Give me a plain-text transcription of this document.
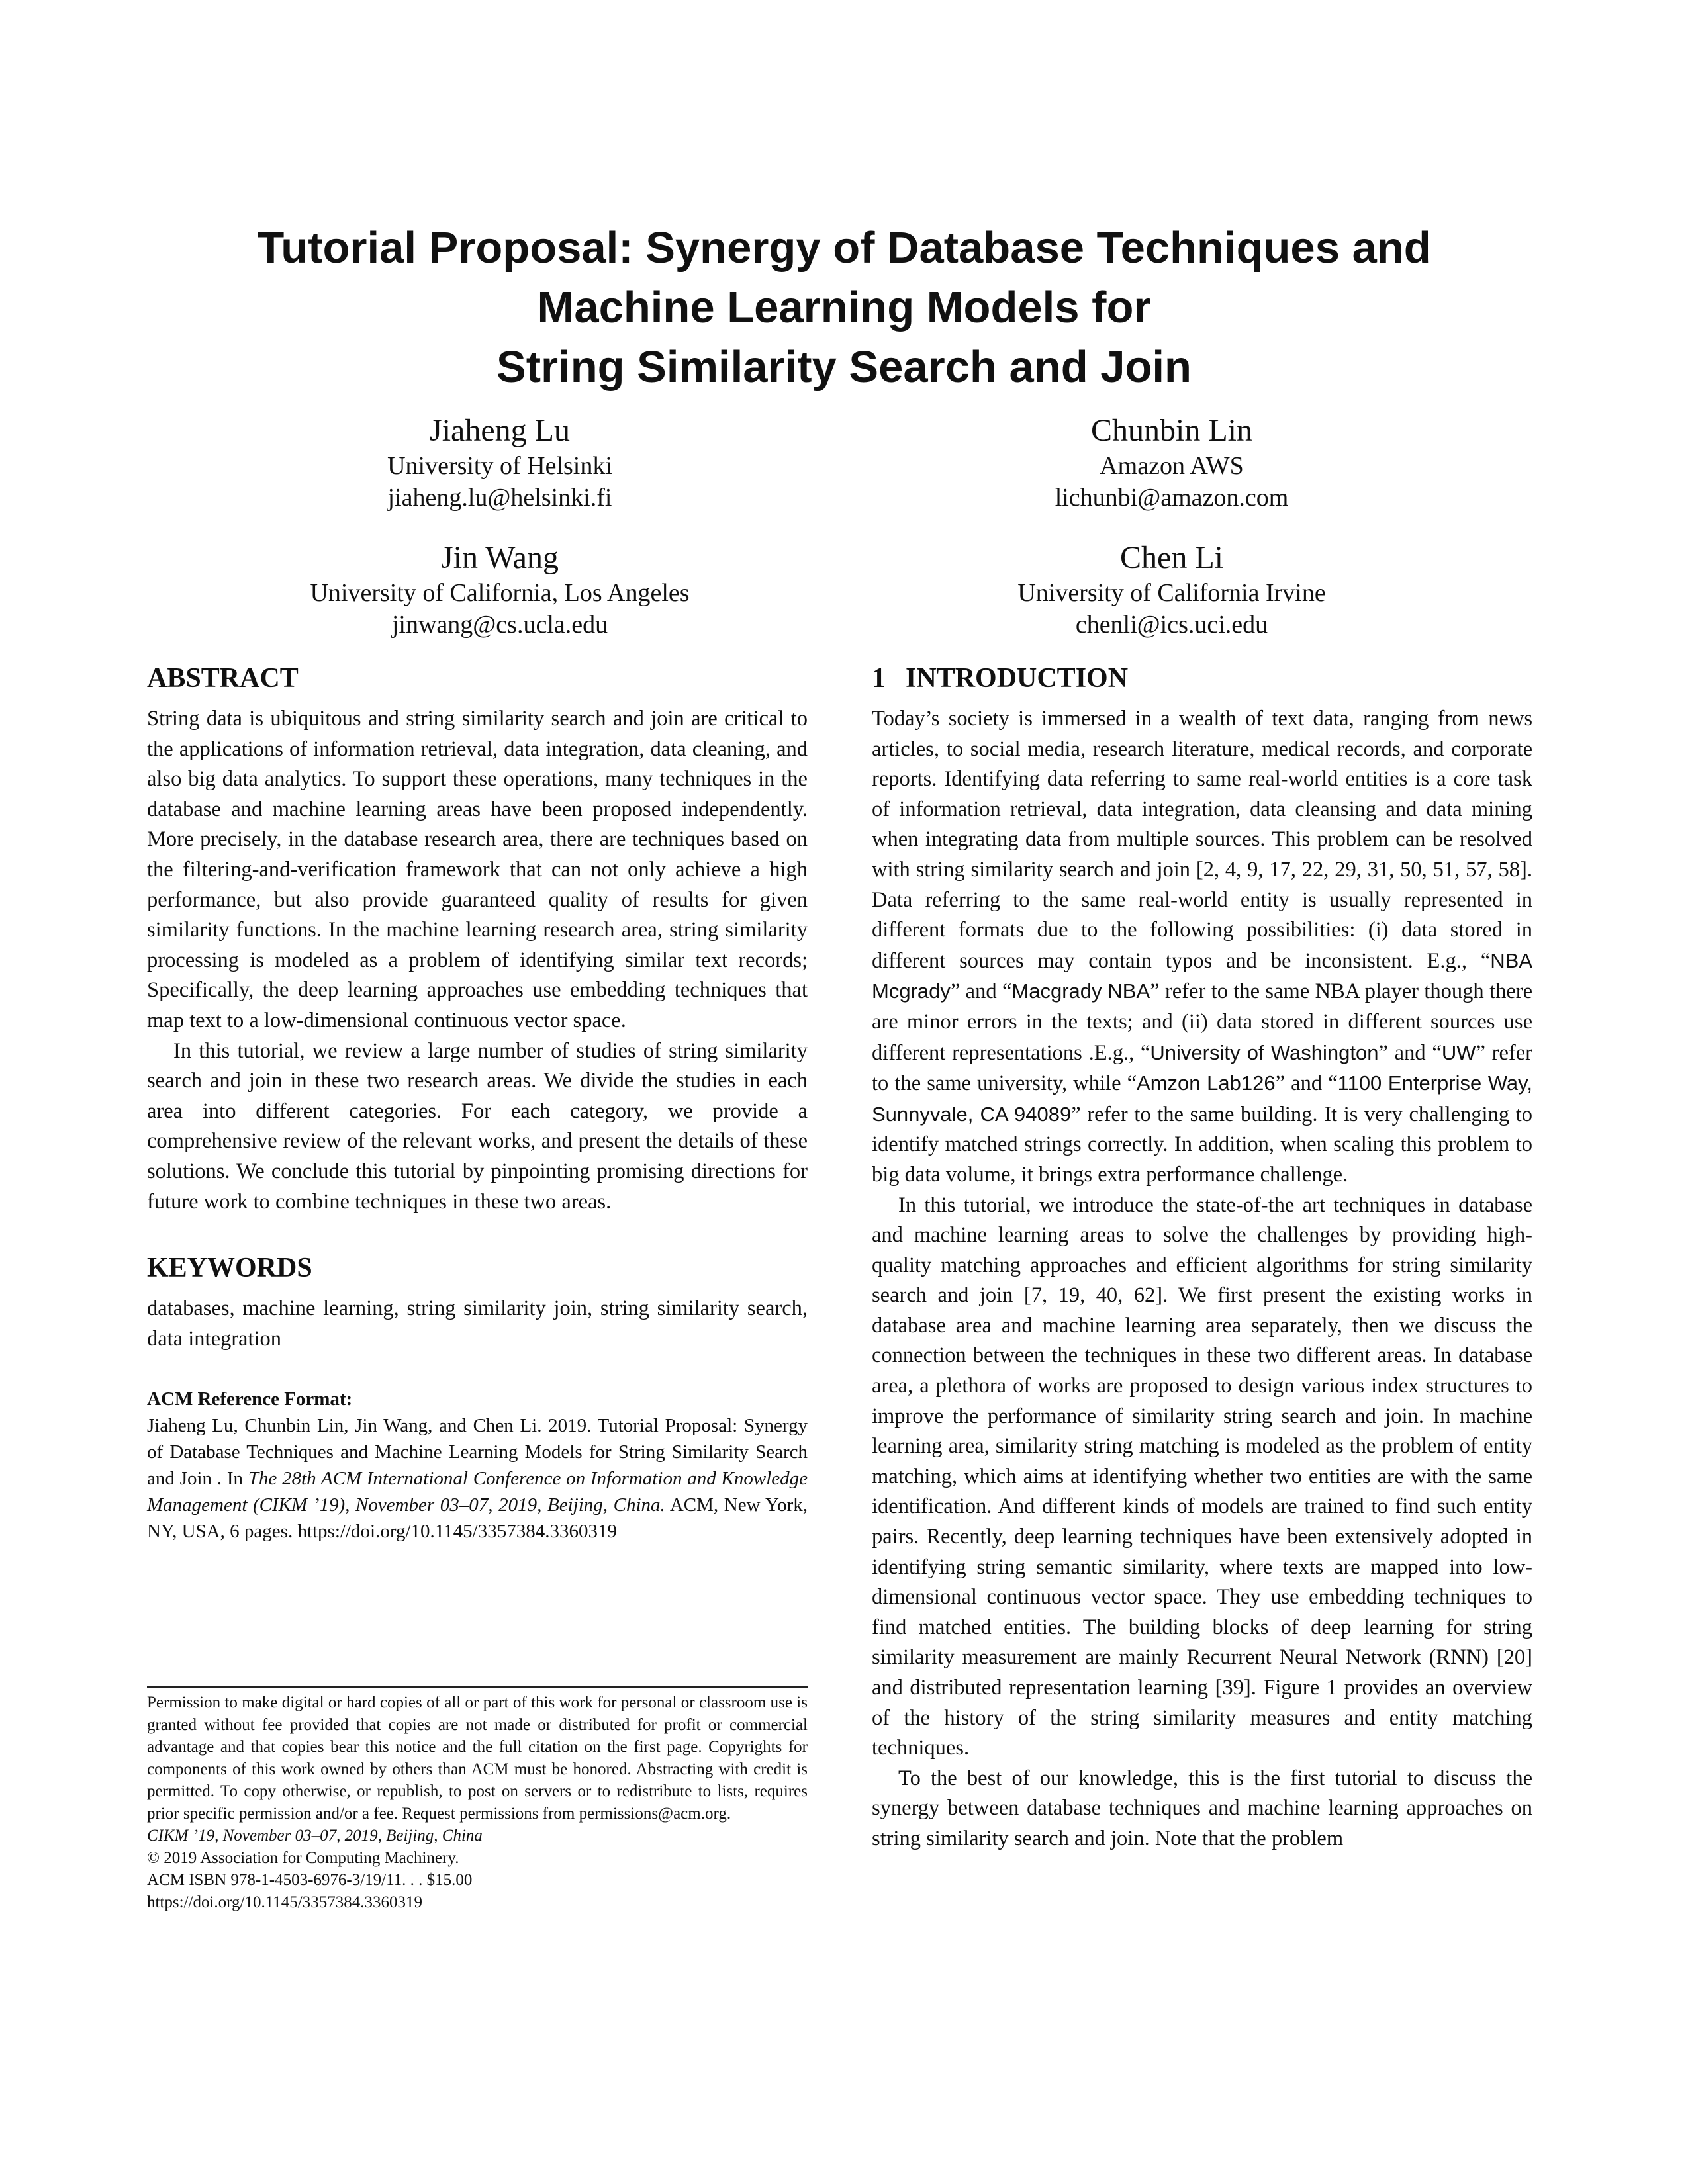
Tutorial Proposal: Synergy of Database Techniques and
Machine Learning Models for
String Similarity Search and Join
Jiaheng Lu
University of Helsinki
jiaheng.lu@helsinki.fi
Chunbin Lin
Amazon AWS
lichunbi@amazon.com
Jin Wang
University of California, Los Angeles
jinwang@cs.ucla.edu
Chen Li
University of California Irvine
chenli@ics.uci.edu
ABSTRACT

String data is ubiquitous and string similarity search and join are critical to the applications of information retrieval, data integration, data cleaning, and also big data analytics. To support these operations, many techniques in the database and machine learning areas have been proposed independently. More precisely, in the database research area, there are techniques based on the filtering-and-verification framework that can not only achieve a high performance, but also provide guaranteed quality of results for given similarity functions. In the machine learning research area, string similarity processing is modeled as a problem of identifying similar text records; Specifically, the deep learning approaches use embedding techniques that map text to a low-dimensional continuous vector space.

In this tutorial, we review a large number of studies of string similarity search and join in these two research areas. We divide the studies in each area into different categories. For each category, we provide a comprehensive review of the relevant works, and present the details of these solutions. We conclude this tutorial by pinpointing promising directions for future work to combine techniques in these two areas.

KEYWORDS

databases, machine learning, string similarity join, string similarity search, data integration

ACM Reference Format:
Jiaheng Lu, Chunbin Lin, Jin Wang, and Chen Li. 2019. Tutorial Proposal: Synergy of Database Techniques and Machine Learning Models for String Similarity Search and Join . In The 28th ACM International Conference on Information and Knowledge Management (CIKM ’19), November 03–07, 2019, Beijing, China. ACM, New York, NY, USA, 6 pages. https://doi.org/10.1145/3357384.3360319

Permission to make digital or hard copies of all or part of this work for personal or classroom use is granted without fee provided that copies are not made or distributed for profit or commercial advantage and that copies bear this notice and the full citation on the first page. Copyrights for components of this work owned by others than ACM must be honored. Abstracting with credit is permitted. To copy otherwise, or republish, to post on servers or to redistribute to lists, requires prior specific permission and/or a fee. Request permissions from permissions@acm.org.

CIKM ’19, November 03–07, 2019, Beijing, China
© 2019 Association for Computing Machinery.
ACM ISBN 978-1-4503-6976-3/19/11. . . $15.00
https://doi.org/10.1145/3357384.3360319
1 INTRODUCTION

Today’s society is immersed in a wealth of text data, ranging from news articles, to social media, research literature, medical records, and corporate reports. Identifying data referring to same real-world entities is a core task of information retrieval, data integration, data cleansing and data mining when integrating data from multiple sources. This problem can be resolved with string similarity search and join [2, 4, 9, 17, 22, 29, 31, 50, 51, 57, 58]. Data referring to the same real-world entity is usually represented in different formats due to the following possibilities: (i) data stored in different sources may contain typos and be inconsistent. E.g., “NBA Mcgrady” and “Macgrady NBA” refer to the same NBA player though there are minor errors in the texts; and (ii) data stored in different sources use different representations .E.g., “University of Washington” and “UW” refer to the same university, while “Amzon Lab126” and “1100 Enterprise Way, Sunnyvale, CA 94089” refer to the same building. It is very challenging to identify matched strings correctly. In addition, when scaling this problem to big data volume, it brings extra performance challenge.

In this tutorial, we introduce the state-of-the art techniques in database and machine learning areas to solve the challenges by providing high-quality matching approaches and efficient algorithms for string similarity search and join [7, 19, 40, 62]. We first present the existing works in database area and machine learning area separately, then we discuss the connection between the techniques in these two different areas. In database area, a plethora of works are proposed to design various index structures to improve the performance of similarity string search and join. In machine learning area, similarity string matching is modeled as the problem of entity matching, which aims at identifying whether two entities are with the same identification. And different kinds of models are trained to find such entity pairs. Recently, deep learning techniques have been extensively adopted in identifying string semantic similarity, where texts are mapped into low-dimensional continuous vector space. They use embedding techniques to find matched entities. The building blocks of deep learning for string similarity measurement are mainly Recurrent Neural Network (RNN) [20] and distributed representation learning [39]. Figure 1 provides an overview of the history of the string similarity measures and entity matching techniques.

To the best of our knowledge, this is the first tutorial to discuss the synergy between database techniques and machine learning approaches on string similarity search and join. Note that the problem
